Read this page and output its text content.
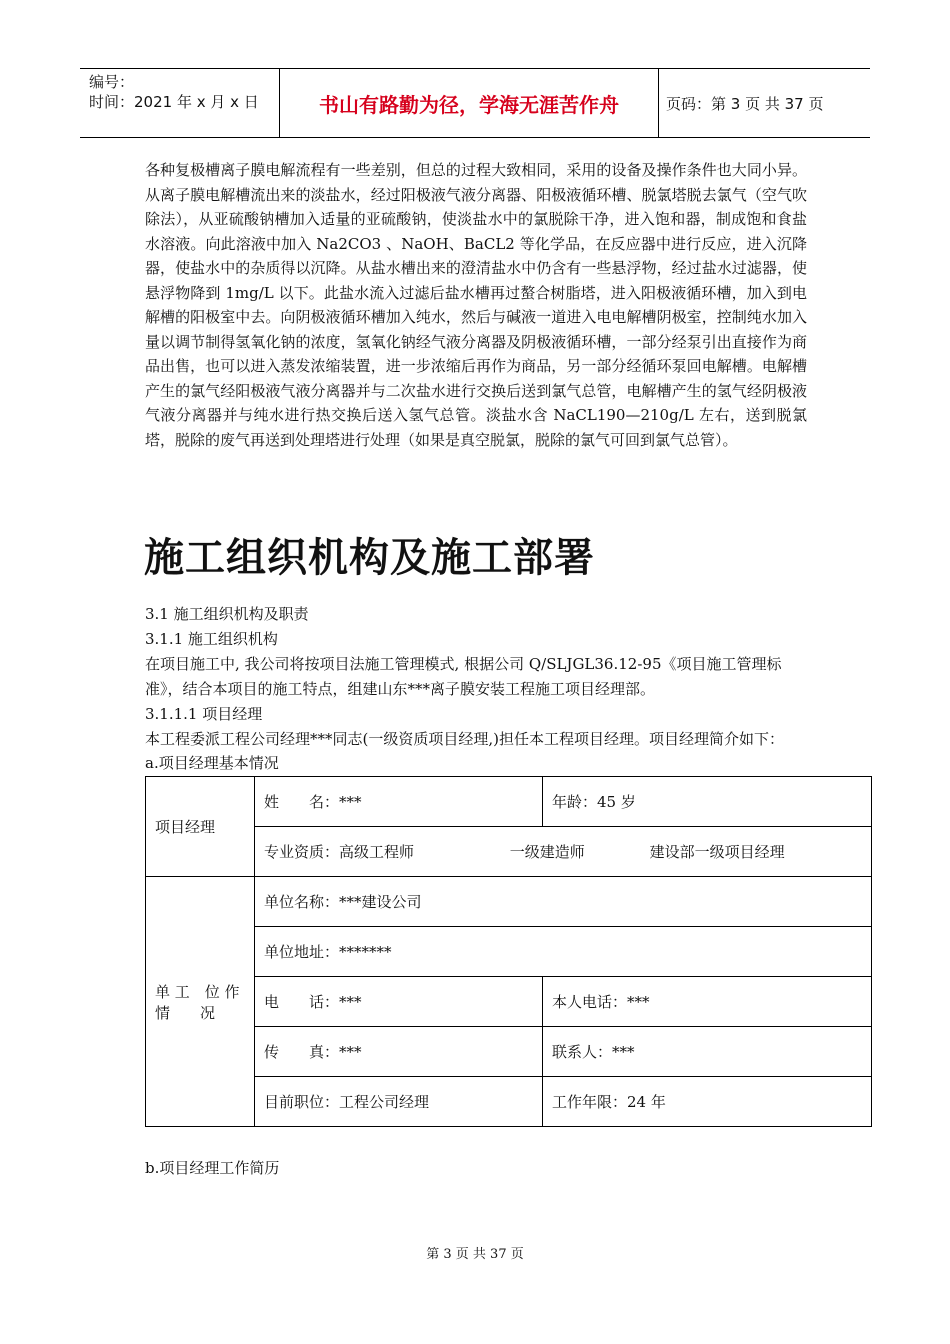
编号：
时间：2021 年 x 月 x 日	书山有路勤为径，学海无涯苦作舟	页码：第 3 页 共 37 页

各种复极槽离子膜电解流程有一些差别，但总的过程大致相同，采用的设备及操作条件也大同小异。从离子膜电解槽流出来的淡盐水，经过阳极液气液分离器、阳极液循环槽、脱氯塔脱去氯气（空气吹除法），从亚硫酸钠槽加入适量的亚硫酸钠，使淡盐水中的氯脱除干净，进入饱和器，制成饱和食盐水溶液。向此溶液中加入 Na2CO3 、NaOH、BaCL2 等化学品，在反应器中进行反应，进入沉降器，使盐水中的杂质得以沉降。从盐水槽出来的澄清盐水中仍含有一些悬浮物，经过盐水过滤器，使悬浮物降到 1mg/L 以下。此盐水流入过滤后盐水槽再过螯合树脂塔，进入阳极液循环槽，加入到电解槽的阳极室中去。向阴极液循环槽加入纯水，然后与碱液一道进入电电解槽阴极室，控制纯水加入量以调节制得氢氧化钠的浓度，氢氧化钠经气液分离器及阴极液循环槽，一部分经泵引出直接作为商品出售，也可以进入蒸发浓缩装置，进一步浓缩后再作为商品，另一部分经循环泵回电解槽。电解槽产生的氯气经阳极液气液分离器并与二次盐水进行交换后送到氯气总管，电解槽产生的氢气经阴极液气液分离器并与纯水进行热交换后送入氢气总管。淡盐水含 NaCL190—210g/L 左右，送到脱氯塔，脱除的废气再送到处理塔进行处理（如果是真空脱氯，脱除的氯气可回到氯气总管）。

施工组织机构及施工部署

3.1 施工组织机构及职责

3.1.1 施工组织机构

在项目施工中, 我公司将按项目法施工管理模式, 根据公司 Q/SLJGL36.12-95《项目施工管理标

准》，结合本项目的施工特点，组建山东***离子膜安装工程施工项目经理部。

3.1.1.1 项目经理

本工程委派工程公司经理***同志(一级资质项目经理,)担任本工程项目经理。项目经理简介如下：

a.项目经理基本情况

项目经理	姓　　名：***	年龄：45 岁
	专业资质：高级工程师 一级建造师 建设部一级项目经理	

单 工　位 作
情　　况	单位名称：***建设公司	
	单位地址：*******	
	电　　话：***	本人电话：***
	传　　真：***	联系人：***
	目前职位：工程公司经理	工作年限：24 年

b.项目经理工作简历

第 3 页 共 37 页
